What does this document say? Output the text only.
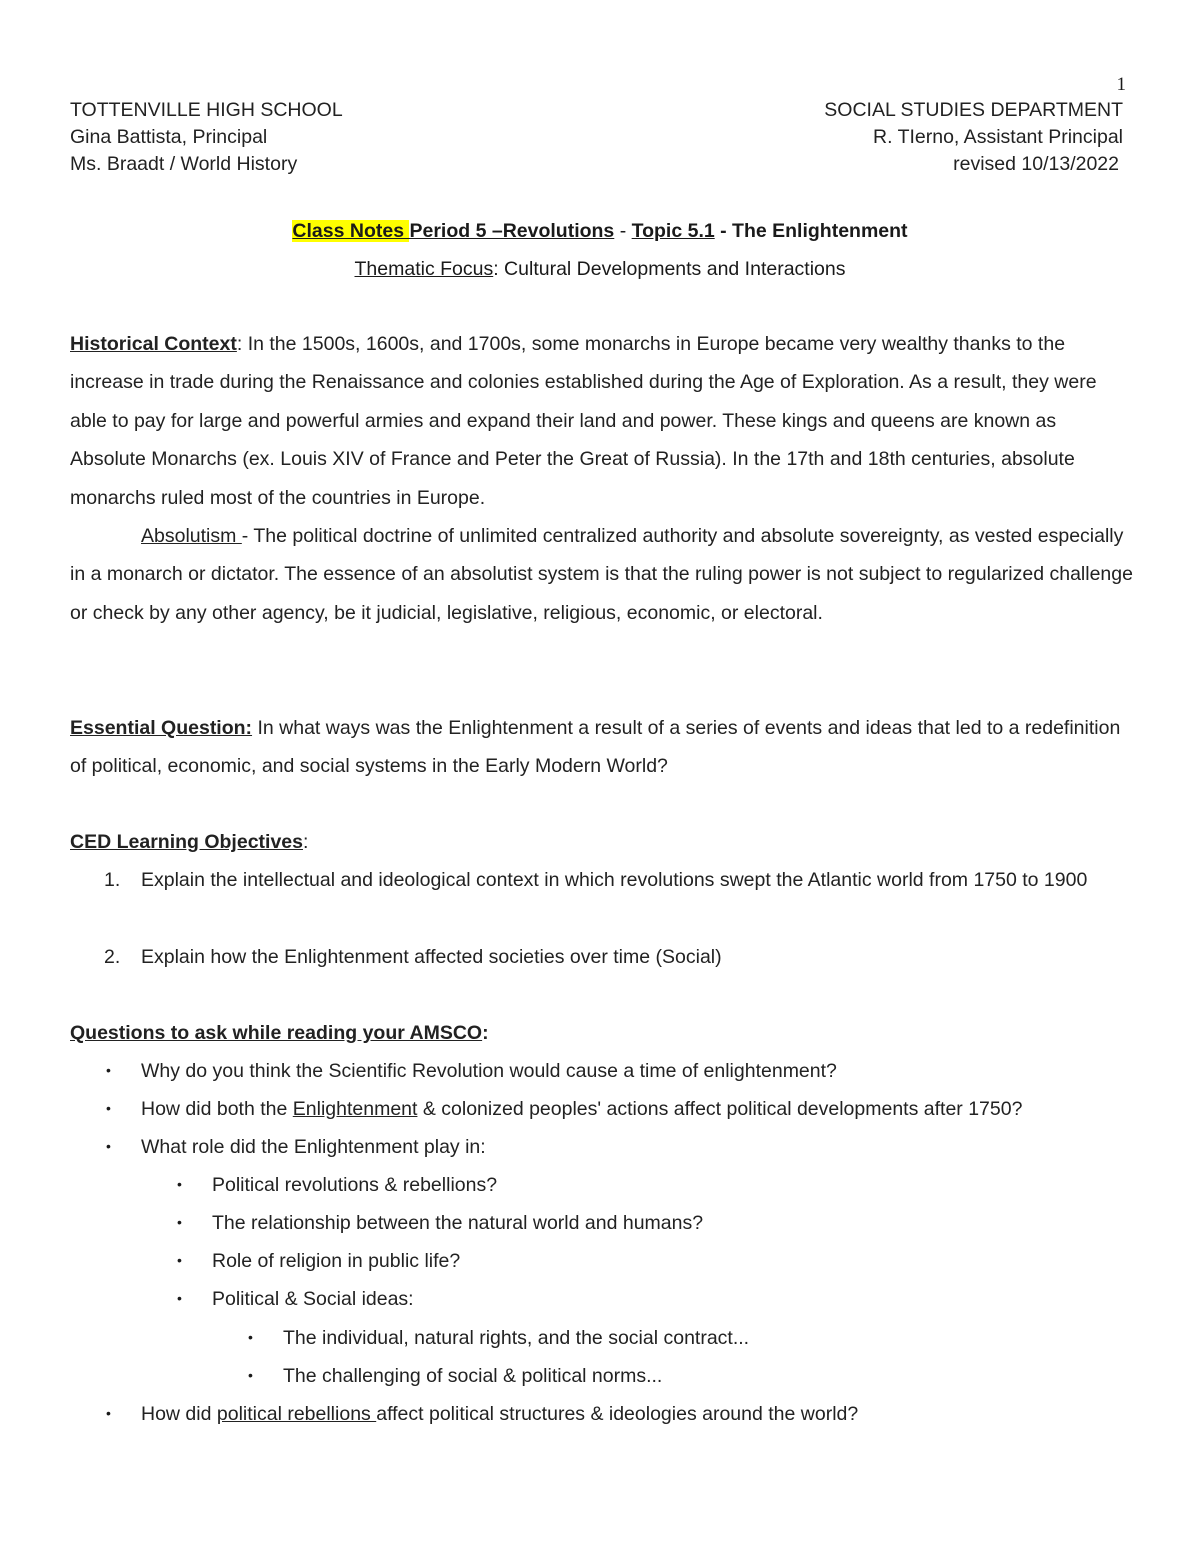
1
TOTTENVILLE HIGH SCHOOL	SOCIAL STUDIES DEPARTMENT
Gina Battista, Principal	R. TIerno, Assistant Principal
Ms. Braadt / World History	revised 10/13/2022
Class Notes Period 5 –Revolutions - Topic 5.1 - The Enlightenment
Thematic Focus: Cultural Developments and Interactions
Historical Context: In the 1500s, 1600s, and 1700s, some monarchs in Europe became very wealthy thanks to the increase in trade during the Renaissance and colonies established during the Age of Exploration. As a result, they were able to pay for large and powerful armies and expand their land and power. These kings and queens are known as Absolute Monarchs (ex. Louis XIV of France and Peter the Great of Russia). In the 17th and 18th centuries, absolute monarchs ruled most of the countries in Europe.
Absolutism - The political doctrine of unlimited centralized authority and absolute sovereignty, as vested especially in a monarch or dictator. The essence of an absolutist system is that the ruling power is not subject to regularized challenge or check by any other agency, be it judicial, legislative, religious, economic, or electoral.
Essential Question: In what ways was the Enlightenment a result of a series of events and ideas that led to a redefinition of political, economic, and social systems in the Early Modern World?
CED Learning Objectives:
1. Explain the intellectual and ideological context in which revolutions swept the Atlantic world from 1750 to 1900
2. Explain how the Enlightenment affected societies over time (Social)
Questions to ask while reading your AMSCO:
• Why do you think the Scientific Revolution would cause a time of enlightenment?
• How did both the Enlightenment & colonized peoples' actions affect political developments after 1750?
• What role did the Enlightenment play in:
• Political revolutions & rebellions?
• The relationship between the natural world and humans?
• Role of religion in public life?
• Political & Social ideas:
• The individual, natural rights, and the social contract...
• The challenging of social & political norms...
• How did political rebellions affect political structures & ideologies around the world?
